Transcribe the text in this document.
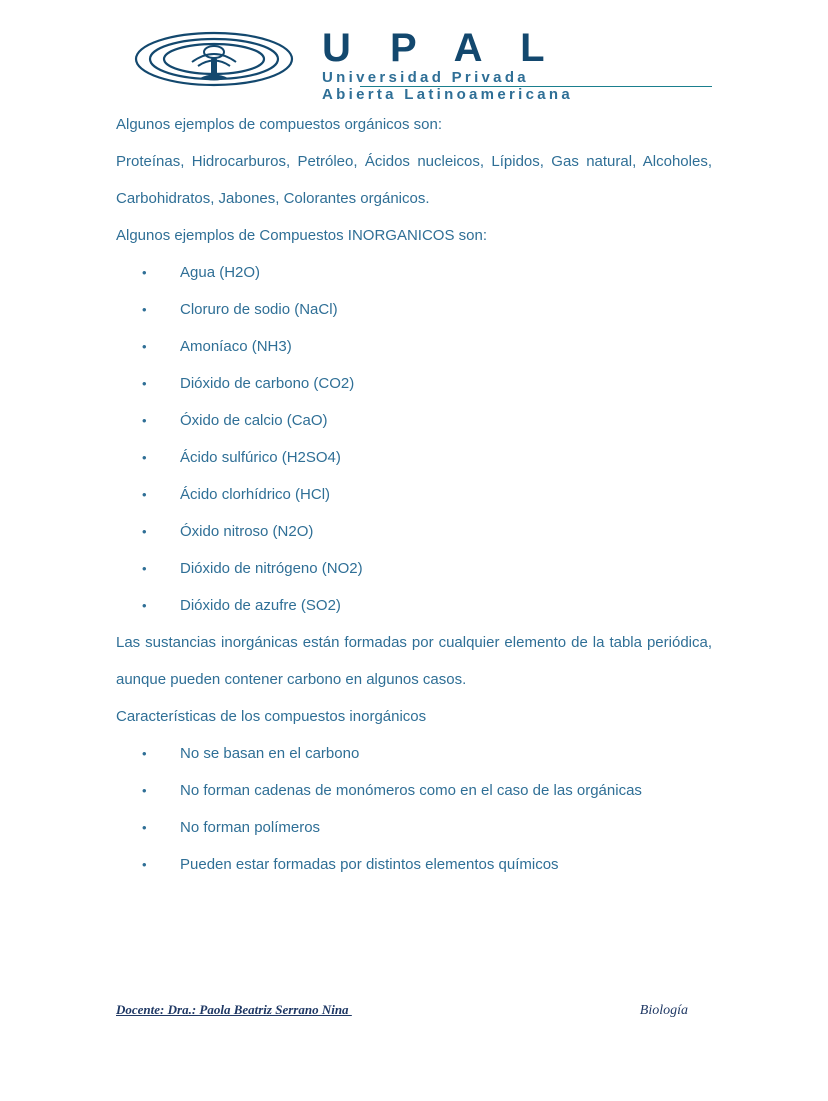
U P A L
Universidad Privada
Abierta Latinoamericana

Algunos ejemplos de compuestos orgánicos son:

Proteínas, Hidrocarburos, Petróleo, Ácidos nucleicos, Lípidos, Gas natural, Alcoholes, Carbohidratos, Jabones, Colorantes orgánicos.

Algunos ejemplos de Compuestos INORGANICOS son:

• Agua (H2O)
• Cloruro de sodio (NaCl)
• Amoníaco (NH3)
• Dióxido de carbono (CO2)
• Óxido de calcio (CaO)
• Ácido sulfúrico (H2SO4)
• Ácido clorhídrico (HCl)
• Óxido nitroso (N2O)
• Dióxido de nitrógeno (NO2)
• Dióxido de azufre (SO2)

Las sustancias inorgánicas están formadas por cualquier elemento de la tabla periódica, aunque pueden contener carbono en algunos casos.

Características de los compuestos inorgánicos

• No se basan en el carbono
• No forman cadenas de monómeros como en el caso de las orgánicas
• No forman polímeros
• Pueden estar formadas por distintos elementos químicos
Docente: Dra.: Paola Beatriz Serrano Nina	Biología
